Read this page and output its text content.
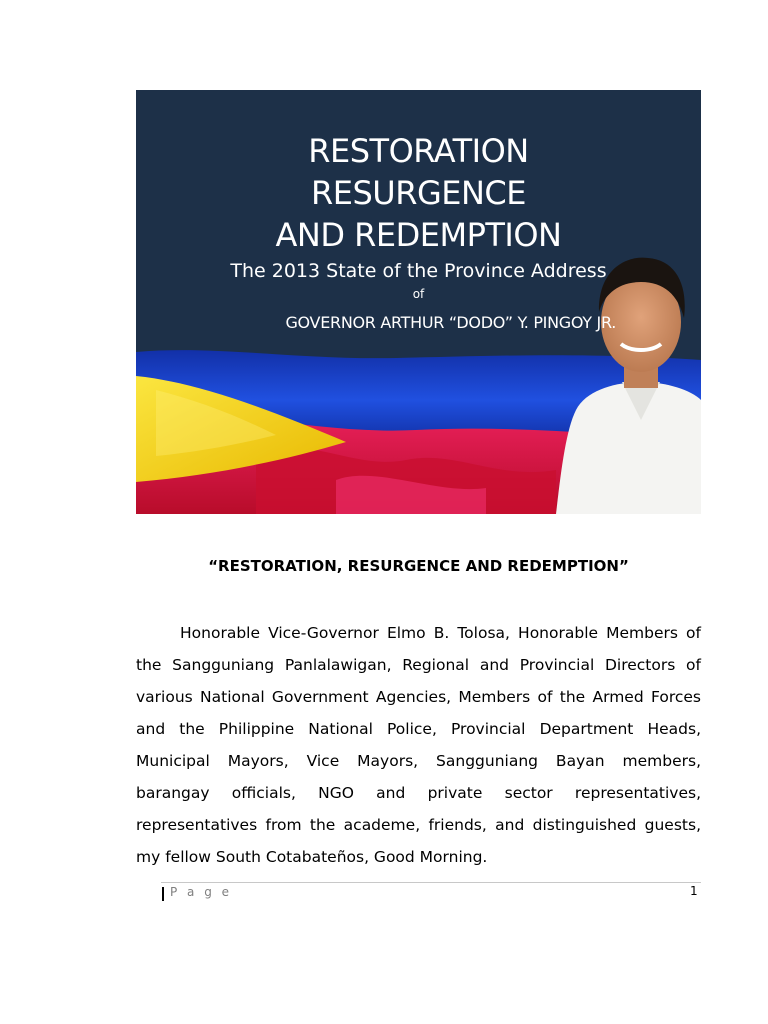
RESTORATION
RESURGENCE
AND REDEMPTION
The 2013 State of the Province Address
of
GOVERNOR ARTHUR “DODO” Y. PINGOY JR.
“RESTORATION, RESURGENCE AND REDEMPTION”

Honorable Vice-Governor Elmo B. Tolosa, Honorable Members of the Sangguniang Panlalawigan, Regional and Provincial Directors of various National Government Agencies, Members of the Armed Forces and the Philippine National Police, Provincial Department Heads, Municipal Mayors, Vice Mayors, Sangguniang Bayan members, barangay officials, NGO and private sector representatives, representatives from the academe, friends, and distinguished guests, my fellow South Cotabateños, Good Morning.

P a g e	1
